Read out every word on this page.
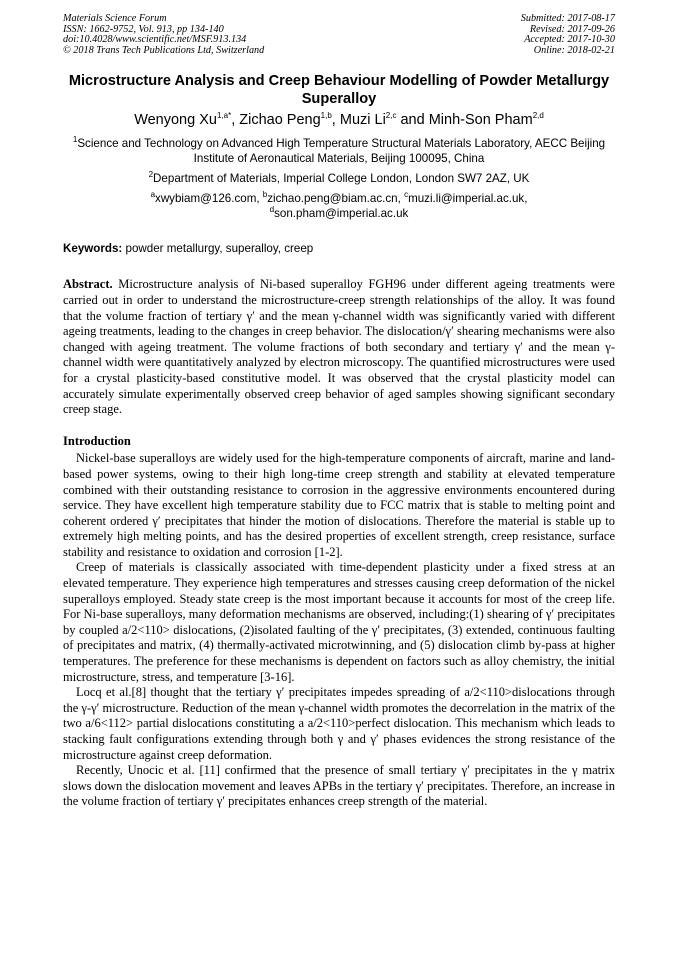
Materials Science Forum
ISSN: 1662-9752, Vol. 913, pp 134-140
doi:10.4028/www.scientific.net/MSF.913.134
© 2018 Trans Tech Publications Ltd, Switzerland
Submitted: 2017-08-17
Revised: 2017-09-26
Accepted: 2017-10-30
Online: 2018-02-21
Microstructure Analysis and Creep Behaviour Modelling of Powder Metallurgy Superalloy
Wenyong $Xu^{1,a*}$, Zichao Peng$^{1,b}$, Muzi Li$^{2,c}$ and Minh-Son Pham$^{2,d}$
$^1$Science and Technology on Advanced High Temperature Structural Materials Laboratory, AECC Beijing Institute of Aeronautical Materials, Beijing 100095, China
$^2$Department of Materials, Imperial College London, London SW7 2AZ, UK
$^a$xwybiam@126.com, $^b$zichao.peng@biam.ac.cn, $^c$muzi.li@imperial.ac.uk,
$^d$son.pham@imperial.ac.uk
Keywords: powder metallurgy, superalloy, creep
Abstract. Microstructure analysis of Ni-based superalloy FGH96 under different ageing treatments were carried out in order to understand the microstructure-creep strength relationships of the alloy. It was found that the volume fraction of tertiary γ′ and the mean γ-channel width was significantly varied with different ageing treatments, leading to the changes in creep behavior. The dislocation/γ′ shearing mechanisms were also changed with ageing treatment. The volume fractions of both secondary and tertiary γ′ and the mean γ-channel width were quantitatively analyzed by electron microscopy. The quantified microstructures were used for a crystal plasticity-based constitutive model. It was observed that the crystal plasticity model can accurately simulate experimentally observed creep behavior of aged samples showing significant secondary creep stage.
Introduction
Nickel-base superalloys are widely used for the high-temperature components of aircraft, marine and land-based power systems, owing to their high long-time creep strength and stability at elevated temperature combined with their outstanding resistance to corrosion in the aggressive environments encountered during service. They have excellent high temperature stability due to FCC matrix that is stable to melting point and coherent ordered γ′ precipitates that hinder the motion of dislocations. Therefore the material is stable up to extremely high melting points, and has the desired properties of excellent strength, creep resistance, surface stability and resistance to oxidation and corrosion [1-2].
Creep of materials is classically associated with time-dependent plasticity under a fixed stress at an elevated temperature. They experience high temperatures and stresses causing creep deformation of the nickel superalloys employed. Steady state creep is the most important because it accounts for most of the creep life. For Ni-base superalloys, many deformation mechanisms are observed, including:(1) shearing of γ′ precipitates by coupled a/2<110> dislocations, (2)isolated faulting of the γ′ precipitates, (3) extended, continuous faulting of precipitates and matrix, (4) thermally-activated microtwinning, and (5) dislocation climb by-pass at higher temperatures. The preference for these mechanisms is dependent on factors such as alloy chemistry, the initial microstructure, stress, and temperature [3-16].
Locq et al.[8] thought that the tertiary γ′ precipitates impedes spreading of a/2<110>dislocations through the γ-γ′ microstructure. Reduction of the mean γ-channel width promotes the decorrelation in the matrix of the two a/6<112> partial dislocations constituting a a/2<110>perfect dislocation. This mechanism which leads to stacking fault configurations extending through both γ and γ′ phases evidences the strong resistance of the microstructure against creep deformation.
Recently, Unocic et al. [11] confirmed that the presence of small tertiary γ′ precipitates in the γ matrix slows down the dislocation movement and leaves APBs in the tertiary γ′ precipitates. Therefore, an increase in the volume fraction of tertiary γ′ precipitates enhances creep strength of the material.
